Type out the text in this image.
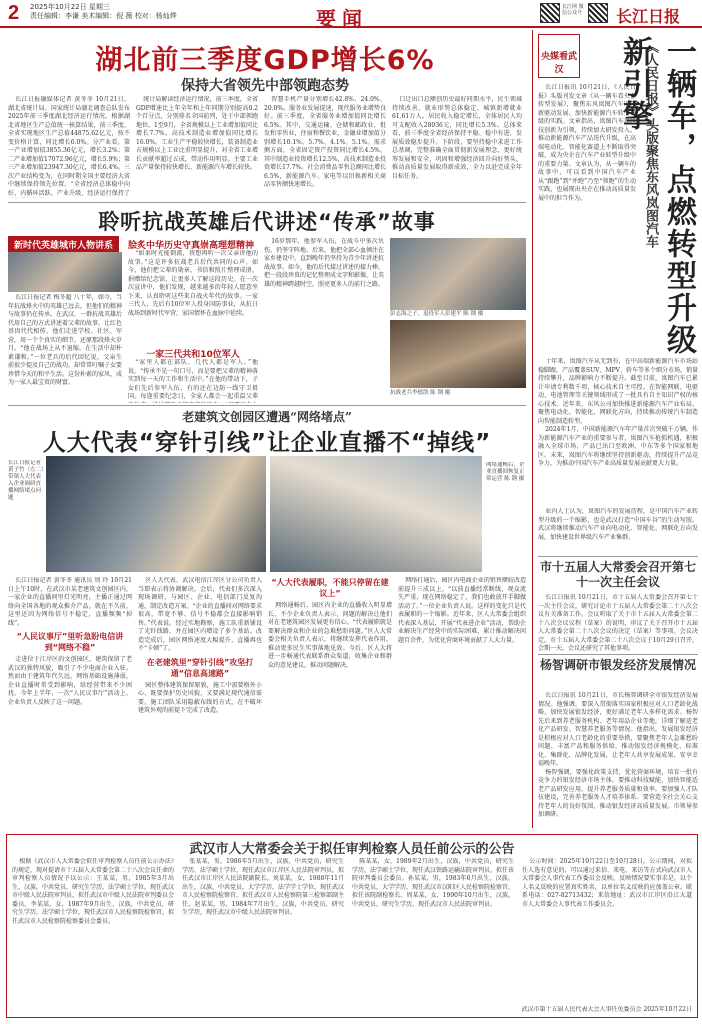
2 2025年10月22日 星期三
责任编辑：李谦 美术编辑：倪 薇 校对：杨灿烨	要闻	长江网 微信公众号 长江日报
湖北前三季度GDP增长6%
保持大省领先中部领跑态势

长江日报融媒体记者 黄冬冬 10月21日，湖北省统计局、国家统计局湖北调查总队发布2025年前三季度湖北经济运行情况。根据湖北省地区生产总值统一核算结果，前三季度，全省实现地区生产总值44875.62亿元，按不变价格计算，同比增长6.0%。分产业看，第一产业增加值3855.36亿元，增长3.2%；第二产业增加值17072.96亿元，增长5.9%；第三产业增加值23947.30亿元，增长6.4%。三次产业结构变为，在同时期全国主要经济大省中继续保持领先位置。“全省经济总体稳中向好，内循环活跃、产业升级、经济运行保持了

统计局解读经济运行情况，前三季度，全省GDP增速比上年全年和上年同期分别提高0.2个百分点，分别排名全国前列，处于中部领跑地位。1至9月，全省规模以上工业增加值同比增长7.7%，高技术制造业增加值同比增长16.0%。工业生产平稳较快增长，装备制造业占规模以上工业比重明显提升，对全省工业增长贡献率超过五成，带动作用明显。主要工业品产量保持较快增长，新能源汽车增长较快。

智慧手机产量分别增长42.8%、24.0%、20.0%。服务业发展提速，现代服务业增势良好。前三季度，全省服务业增加值同比增长6.5%。其中，交通运输、仓储和邮政业，批发和零售业，住宿和餐饮业，金融业增加值分别增长10.1%、5.7%、4.1%、5.1%。需求侧方面，全省固定资产投资同比增长4.5%，其中制造业投资增长12.5%，高技术制造业投资增长17.7%。社会消费品零售总额同比增长6.5%，新能源汽车、家电等以旧换新相关商品零售额快速增长。

口迁出口总额创历史最好同期水平，民生领域持续改善，就业形势总体稳定，城镇新增就业61.61万人。居民收入稳定增长，全体居民人均可支配收入28036元，同比增长5.3%。总体来看，前三季度全省经济保持平稳、稳中有进，发展质效稳步提升。下阶段，要坚持稳中求进工作总基调，完整准确全面贯彻新发展理念，更好统筹发展和安全，巩固和增强经济回升向好势头，推动高质量发展取得新成效，全力以赴完成全年目标任务。

聆听抗战英雄后代讲述“传承”故事
新时代英雄城市人物讲系

长江日报记者 梅冬超 八十年，如今，当年抗战烽火中的英雄已远去，但他们的精神与故事仍在传承。在武汉，一群抗战英雄后代用自己的方式讲述着父辈的故事，让红色基因代代相传。他们走进学校、社区、军营，用一个个真实的细节，还原那段烽火岁月。“他在战场上从不退缩，在生活中却朴素谦和。”一位老兵的后代回忆说，父亲生前很少提及自己的战功，却常常叮嘱子女要珍惜今天的和平生活。这份朴素的家风，成为一家人最宝贵的财富。

脍炙中华历史守真崇高理想精神

“如果时光能倒流，我想再听一次父亲讲他的故事。”这是许多抗战老兵后代共同的心声。如今，他们把父辈的勋章、书信和照片整理成册，捐赠给纪念馆，让更多人了解这段历史。在一次次宣讲中，他们发现，越来越多的年轻人愿意坐下来，认真聆听这些来自战火年代的故事。一家三代人，先后有10位军人投身国防事业，从抗日战场到新时代军营，家国情怀在血脉中延续。

一家三代共和10位军人

“家里人都在部队，几代人都是军人。”他说，“传承不是一句口号，而是要把父辈的精神落实到每一天的工作和生活中。”在他的带动下，子女们先后参军入伍，有的还在边防一线守卫祖国。每逢重要纪念日，全家人都会一起重温父辈

16岁那年，他参军入伍，在战斗中多次负伤，仍坚守阵地。后来，他把全部心血倾注在家乡建设中，直到晚年仍坚持为青少年讲述抗战故事。如今，他的后代接过讲述的接力棒，把一段段珍贵的记忆整理成文字和影像，让英雄的精神跨越时空，照亮更多人的前行之路。

彭志海之子、退役军人彭建平 陈 钢 摄
抗战老兵李德凯 陈 钢 摄
老建筑文创园区遭遇“网络堵点”
人大代表“穿针引线”让企业直播不“掉线”
长江日报记者 黄子竹（左二）带领人大代表入企业调研直播网络堵点问题
网络通畅后，企业直播间恢复正常运营 陈 钢 摄

长江日报记者 黄冬冬 通讯员 周 玲 10月21日上午10时，在武汉市某老建筑文创园区内，一家企业的直播间里灯光明亮，主播正通过网络向全国各地的观众推介产品。就在不久前，这里还因为网络信号不稳定，直播频频“掉线”。

“人民议事厅”里听急盼电信讲到“网络不稳”

走进位于江岸区的文创园区，建筑保留了老武汉的独特风貌，吸引了不少电商企业入驻。然而由于建筑年代久远，网络基础设施薄弱，企业直播时常受到影响，给经营带来不少困扰。今年上半年，一次“人民议事厅”活动上，企业负责人反映了这一问题。

区人大代表、武汉电信江岸区分公司负责人当即表示将协调解决。会后，代表们多次深入现场调研，与园区、企业、电信部门反复沟通，制定改造方案。“企业的直播间对网络要求很高，带宽不够、信号不稳都会直接影响销售。”代表说。经过实地勘察，施工队重新铺设了光纤线路，并在园区内增设了多个基站。改造完成后，园区网络速度大幅提升，直播再也不“卡顿”了。

在老建筑里“穿针引线”攻坚打通“信息高速路”

园区整体建筑保留原貌，施工中需要格外小心，既要保护历史风貌，又要满足现代通信需要。施工团队采用隐蔽布线的方式，在不破坏建筑外观的前提下完成了改造。

“人大代表履职，不能只停留在建议上”

网络通畅后，园区内企业的直播收入明显增长，不少企业负责人表示，问题的解决让他们对在老建筑园区发展更有信心。“代表履职就是要解决群众和企业的急难愁盼问题。”区人大常委会相关负责人表示，将继续发挥代表作用，推动更多民生实事落地见效。今后，区人大将进一步畅通代表联系群众渠道，收集企业和群众的意见建议，推动问题解决。

网络打通后，园区内电商企业的销售额较改造前提升三成以上。“以前直播经常断线，观众流失严重，现在网络稳定了，我们也敢放开手脚做活动了。”一位企业负责人说。这样的变化只是代表履职的一个缩影。近年来，区人大常委会组织代表深入基层，开展“代表进企业”活动，帮助企业解决生产经营中的实际困难，累计推动解决问题百余件，为优化营商环境贡献了人大力量。

央媒看武汉	一辆车，点燃转型升级新引擎
《人民日报》头版聚焦东风岚图汽车

长江日报讯 10月21日，《人民日报》头版刊发文章《从一辆车看央企转型发展》，聚焦东风岚图汽车以创新驱动发展、加快新能源汽车转型升级的实践。文章指出，岚图汽车以科技创新为引领，持续加大研发投入，推动新能源汽车产品迭代升级，在高端电动化、智能化赛道上不断取得突破，成为央企在汽车产业转型升级中的重要力量。文章认为，从一辆车的故事中，可以看到中国汽车产业从“跟跑”到“并跑”乃至“领跑”的生动实践，也展现出央企在推动高质量发展中的担当作为。

十年来，岚图汽车从无到有，在中高端新能源汽车市场站稳脚跟，产品覆盖SUV、MPV、轿车等多个细分市场，销量持续攀升，品牌影响力不断提升。截至目前，岚图汽车已累计申请专利数千项，核心技术自主可控。在智能网联、电驱动、电池管理等关键领域形成了一批具有自主知识产权的核心技术。近年来，东风公司加快推进新能源汽车产业布局，聚焦电动化、智能化、网联化方向，持续推动传统汽车制造向智能制造转型。

2024年1月，中国新能源汽车年产量首次突破千万辆。作为新能源汽车产业的重要参与者，岚图汽车抢抓机遇，积极融入全球市场，产品已出口至欧洲、中东等多个国家和地区。未来，岚图汽车将继续坚持创新驱动，持续提升产品竞争力，为推动中国汽车产业高质量发展贡献更大力量。

业内人士认为，岚图汽车的发展历程，是中国汽车产业转型升级的一个缩影，也是武汉打造“中国车谷”的生动写照。武汉将继续推动汽车产业向电动化、智能化、网联化方向发展，加快建设世界级汽车产业集群。

市十五届人大常委会召开第七十一次主任会议

长江日报讯 10月21日，市十五届人大常委会召开第七十一次主任会议，研究讨论市十五届人大常委会第二十八次会议有关准备工作。会议听取了关于市十五届人大常委会第二十八次会议议程（草案）的说明，审议了关于召开市十五届人大常委会第二十八次会议的决定（草案）等事项。会议决定，市十五届人大常委会第二十八次会议于10月29日召开，会期一天。会议还研究了其他事项。

杨智调研市银发经济发展情况

长江日报讯 10月21日，市长杨智调研全市银发经济发展情况。他强调，要深入贯彻落实国家积极应对人口老龄化战略，加快发展银发经济，更好满足老年人多样化需求。杨智先后来到养老服务机构、老年用品企业等地，详细了解适老化产品研发、智慧养老服务等情况。他指出，发展银发经济是积极应对人口老龄化的重要举措，要聚焦老年人急难愁盼问题，丰富产品和服务供给，推动银发经济规模化、标准化、集群化、品牌化发展，让老年人共享发展成果、安享幸福晚年。

杨智强调，要强化政策支持，优化营商环境，培育一批有竞争力的银发经济市场主体。要推动科技赋能，加快智能适老产品研发应用，提升养老服务质量和效率。要加强人才队伍建设，完善养老服务人才培养体系。要营造全社会关心支持老年人的良好氛围，推动银发经济高质量发展。市领导参加调研。

武汉市人大常委会关于拟任审判检察人员任前公示的公告

根据《武汉市人大常委会拟任审判检察人员任前公示办法》的规定，现对提请市十五届人大常委会第二十八次会议任命的审判检察人员情况予以公示：王某某，男，1985年3月出生，汉族，中共党员，研究生学历，法学硕士学位，现任武汉市中级人民法院审判员，拟任武汉市中级人民法院审判委员会委员。李某某，女，1987年9月出生，汉族，中共党员，研究生学历，法学硕士学位，现任武汉市人民检察院检察官，拟任武汉市人民检察院检察委员会委员。

张某某，男，1986年5月出生，汉族，中共党员，研究生学历，法学硕士学位，现任武汉市江岸区人民法院审判员，拟任武汉市江岸区人民法院副院长。刘某某，女，1988年11月出生，汉族，中共党员，大学学历，法学学士学位，现任武汉市人民检察院检察官，拟任武汉市人民检察院第三检察部副主任。赵某某，男，1984年7月出生，汉族，中共党员，研究生学历，现任武汉市中级人民法院审判员。

陈某某，女，1989年2月出生，汉族，中共党员，研究生学历，法学硕士学位，现任武汉铁路运输法院审判员，拟任该院审判委员会委员。孙某某，男，1983年6月出生，汉族，中共党员，大学学历，现任武汉市汉阳区人民检察院检察官，拟任该院副检察长。周某某，女，1990年10月出生，汉族，中共党员，研究生学历，现任武汉市人民法院审判员。

公示时间：2025年10月22日至10月28日。公示期间，对拟任人选有意见的，可以通过来信、来电、来访等方式向武汉市人大常委会人事代表工作委员会反映。反映情况要实事求是，以个人名义反映的应署真实姓名，以单位名义反映的应加盖公章。联系电话：027-82713432；来信地址：武汉市江岸区沿江大道市人大常委会人事代表工作委员会。

武汉市第十五届人民代表大会人事任免委员会 2025年10月22日
